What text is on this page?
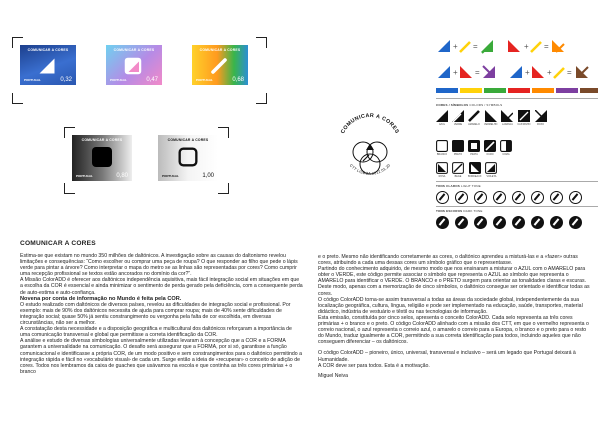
COMUNICAR A CORES
PORTUGAL	0,32
COMUNICAR A CORES
PORTUGAL	0,47
COMUNICAR A CORES
PORTUGAL	0,68
COMUNICAR A CORES
PORTUGAL	0,80
COMUNICAR A CORES
PORTUGAL	1,00
COMUNICAR A CORES
CTT LISBOA 2012.01.20
+ =	+ =
+ =	+ + =
CORES / SÍMBOLOS COLORS / SYMBOLS
AZUL	VERDE	AMARELO VERMELHO LARANJA CASTANHO	ROXO
BRANCO	PRETO	PRATA	OURO	CINZA
ROSA	BEGE	BORDEAUX VIOLETA
TONS CLAROS LIGHT TONE
TONS ESCUROS DARK TONE
COMUNICAR A CORES

Estima-se que existam no mundo 350 milhões de daltónicos. A investigação sobre as causas do daltonismo revelou limitações e consequências: “Como escolher ou comprar uma peça de roupa? O que responder ao filho que pede o lápis verde para pintar a árvore? Como interpretar o mapa do metro se as linhas são representadas por cores? Como cumprir uma recepção profissional se textos estão ancorados no domínio da cor?”.

A Missão ColorADD é oferecer aos daltónicos independência aquisitiva, mais fácil integração social em situações em que a escolha da COR é essencial e ainda minimizar o sentimento de perda gerado pela deficiência, com a consequente perda de auto-estima e auto-confiança.

Novena por conta de informação no Mundo é feita pela COR.

O estudo realizado com daltónicos de diversos países, revelou as dificuldades de integração social e profissional. Por exemplo: mais de 90% dos daltónicos necessita de ajuda para comprar roupa; mais de 40% sente dificuldades de integração social; quase 50% já sentiu constrangimento ou vergonha pela falta de cor escolhida, em diversas circunstâncias, não ser a melhor.

A constatação desta necessidade e a disposição geográfica e multicultural dos daltónicos reforçaram a importância de uma comunicação transversal e global que permitisse a correta identificação da COR.

A análise e estudo de diversas simbologias universalmente utilizadas levaram à concepção que a COR e a FORMA garantem a universalidade na comunicação. O desafio será assegurar que a FORMA, por si só, garantisse a função comunicacional e identificasse a própria COR, de um modo positivo e sem constrangimentos para o daltónico permitindo a integração rápida e fácil no «vocabulário visual» de cada um. Surge então a ideia de «recuperar» o conceito de adição de cores. Todos nos lembramos da caixa de guaches que usávamos na escola e que continha as três cores primárias + o branco

e o preto. Mesmo não identificando corretamente as cores, o daltónico aprendeu a misturá-las e a «fazer» outras cores, atribuindo a cada uma dessas cores um símbolo gráfico que o representasse.

Partindo do conhecimento adquirido, de mesmo modo que nos ensinaram a misturar o AZUL com o AMARELO para obter o VERDE, este código permite associar o símbolo que representa o AZUL ao símbolo que representa o AMARELO para identificar o VERDE. O BRANCO e o PRETO surgem para orientar as tonalidades claras e escuras. Deste modo, apenas com a memorização de cinco símbolos, o daltónico consegue ser orientado e identificar todas as cores.

O código ColorADD torna-se assim transversal a todas as áreas da sociedade global, independentemente da sua localização geográfica, cultura, língua, religião e pode ser implementado na educação, saúde, transportes, material didáctico, indústria de vestuário e têxtil ou nas tecnologias de informação.

Esta emissão, constituída por cinco selos, apresenta o conceito ColorADD. Cada selo representa as três cores primárias + o branco e o preto. O código ColorADD alinhado com a missão dos CTT, em que o vermelho representa o correio nacional, o azul representa o correio azul, o amarelo o correio para a Europa, o branco e o preto para o resto do Mundo, traduz igualmente a COR, permitindo a sua correta identificação para todos, incluindo aqueles que não conseguem diferenciar – os daltónicos.

O código ColorADD – pioneiro, único, universal, transversal e inclusivo – será um legado que Portugal deixará à Humanidade.

A COR deve ser para todos. Esta é a motivação.

Miguel Neiva
